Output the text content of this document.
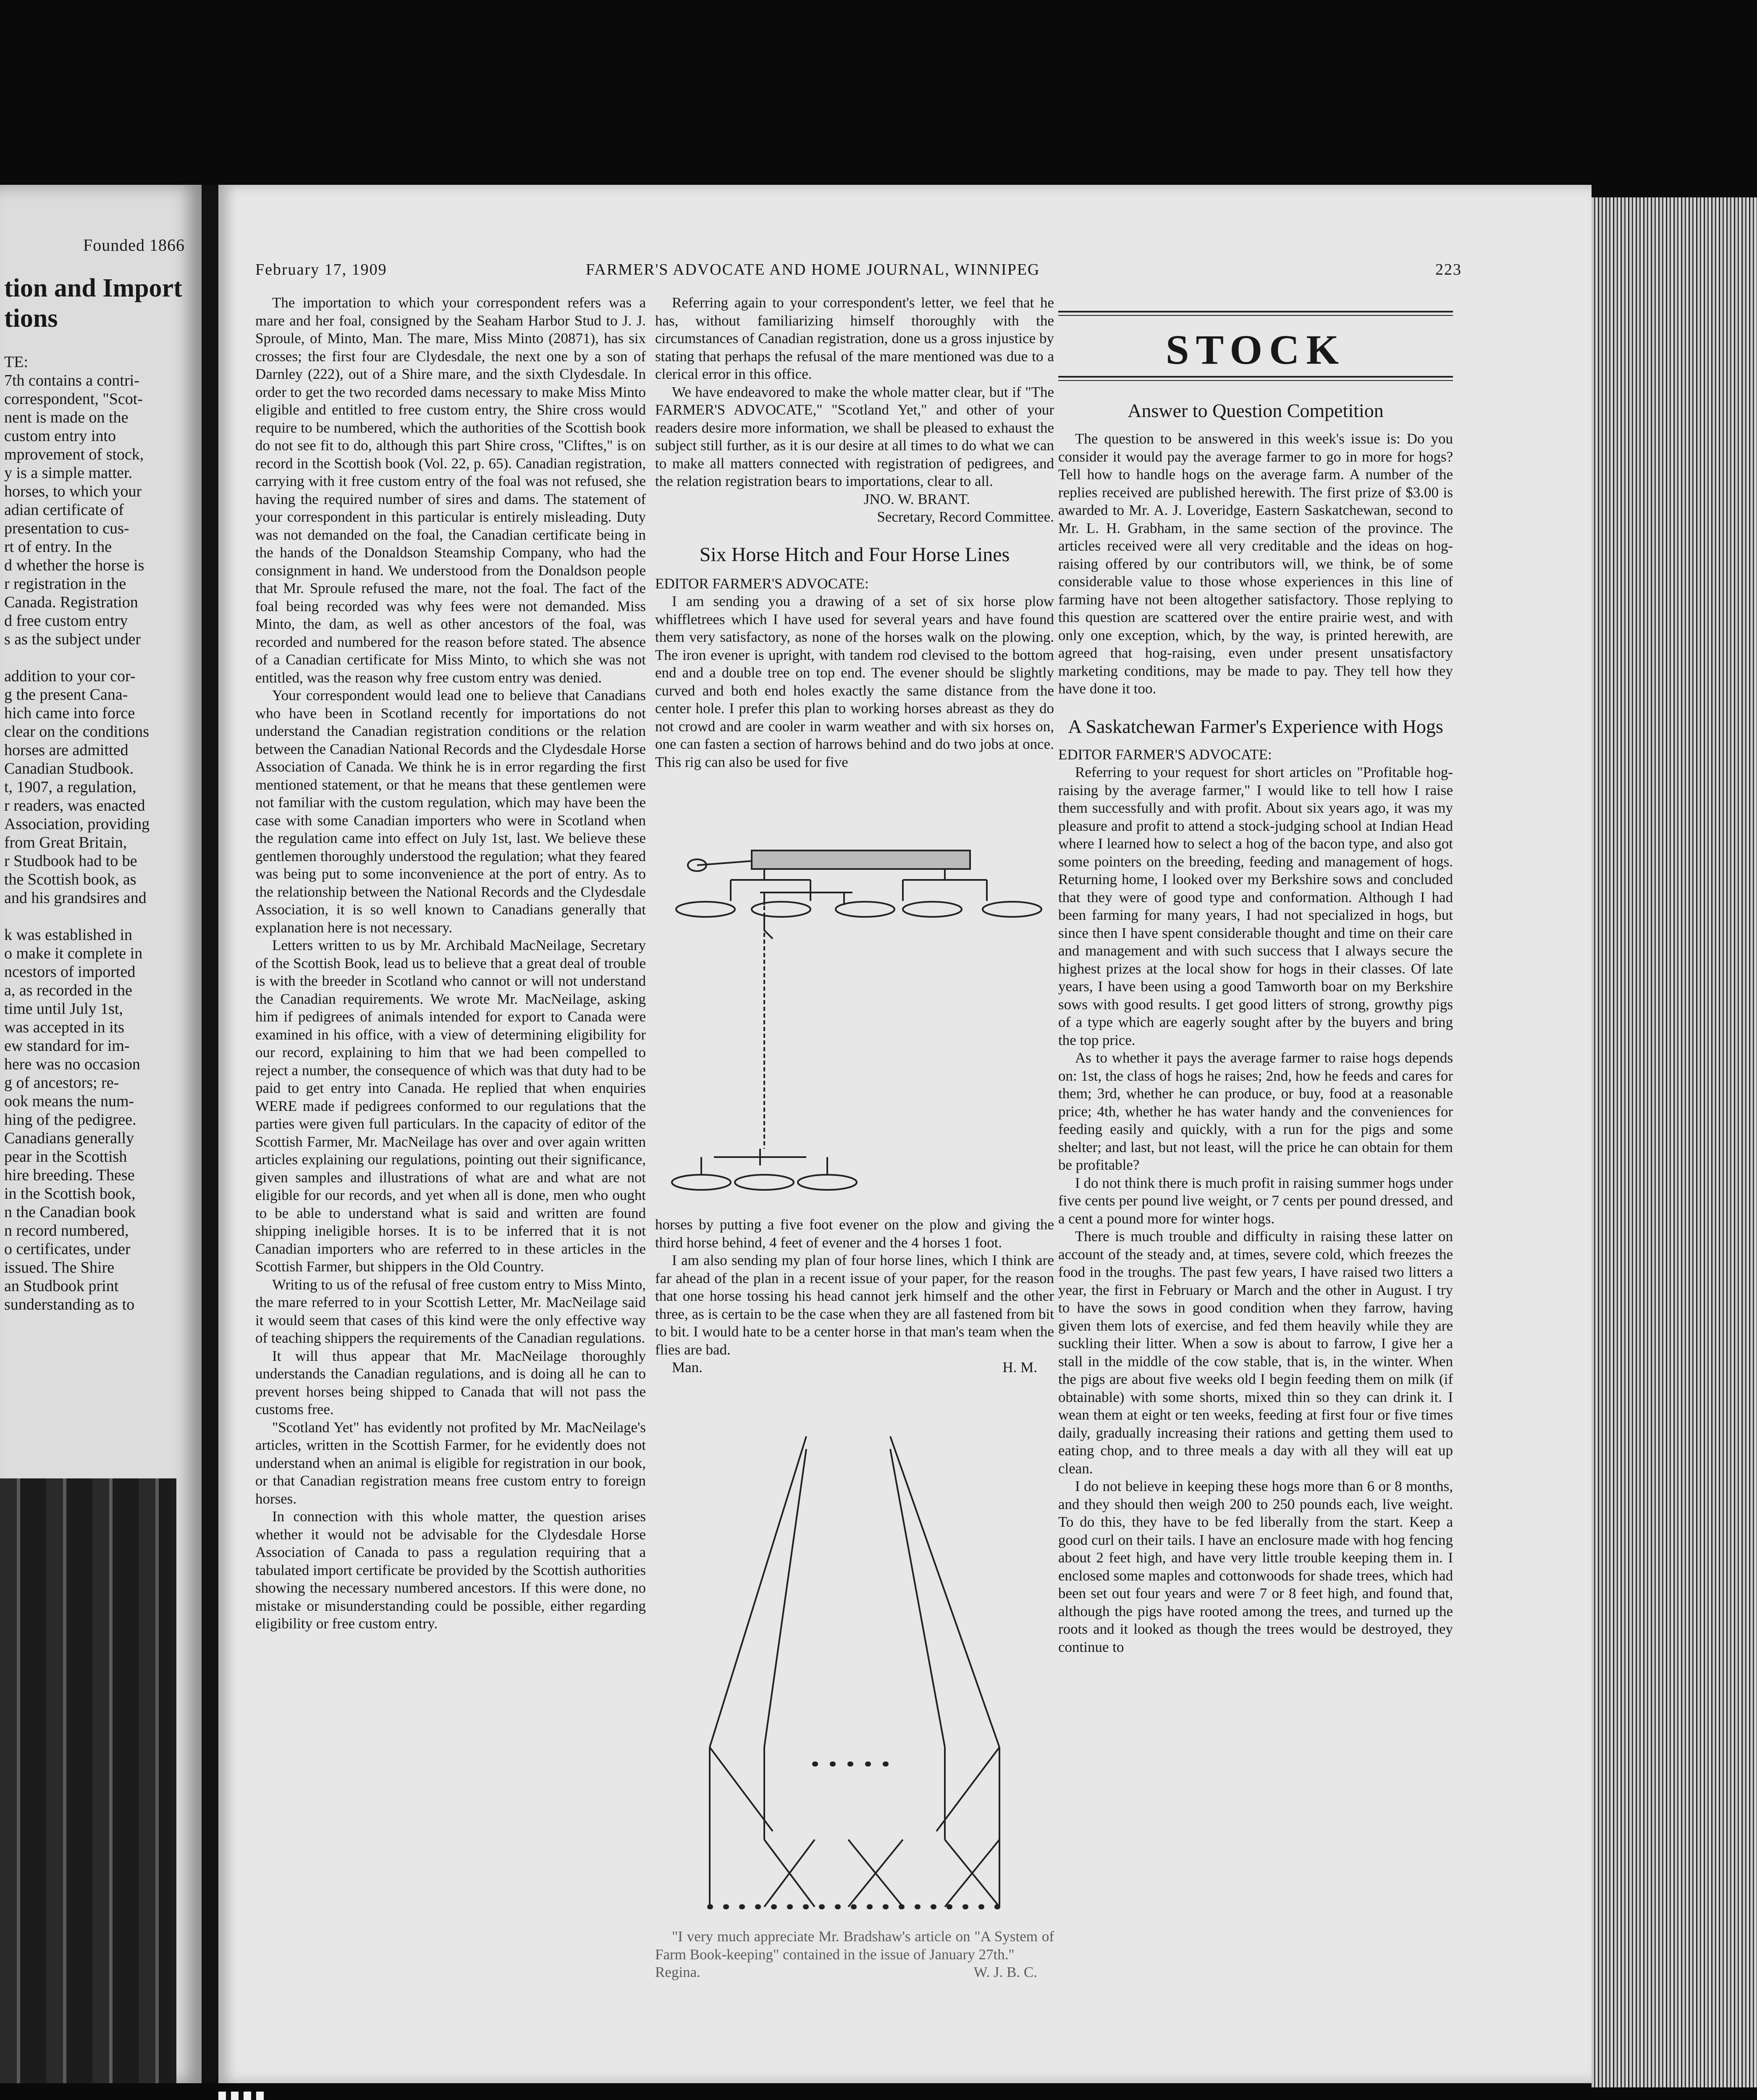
Founded 1866
tion and Import
tions
TE:
7th contains a contri-
correspondent, "Scot-
nent is made on the
custom entry into
mprovement of stock,
y is a simple matter.
horses, to which your
adian certificate of
presentation to cus-
rt of entry. In the
d whether the horse is
r registration in the
Canada. Registration
d free custom entry
s as the subject under

addition to your cor-
g the present Cana-
hich came into force
clear on the conditions
horses are admitted
Canadian Studbook.
t, 1907, a regulation,
r readers, was enacted
Association, providing
from Great Britain,
r Studbook had to be
the Scottish book, as
and his grandsires and

k was established in
o make it complete in
ncestors of imported
a, as recorded in the
time until July 1st,
was accepted in its
ew standard for im-
here was no occasion
g of ancestors; re-
ook means the num-
hing of the pedigree.
Canadians generally
pear in the Scottish
hire breeding. These
in the Scottish book,
n the Canadian book
n record numbered,
o certificates, under
issued. The Shire
an Studbook print
sunderstanding as to
February 17, 1909	FARMER'S ADVOCATE AND HOME JOURNAL, WINNIPEG	223

The importation to which your correspondent refers was a mare and her foal, consigned by the Seaham Harbor Stud to J. J. Sproule, of Minto, Man. The mare, Miss Minto (20871), has six crosses; the first four are Clydesdale, the next one by a son of Darnley (222), out of a Shire mare, and the sixth Clydesdale. In order to get the two recorded dams necessary to make Miss Minto eligible and entitled to free custom entry, the Shire cross would require to be numbered, which the authorities of the Scottish book do not see fit to do, although this part Shire cross, "Cliftes," is on record in the Scottish book (Vol. 22, p. 65). Canadian registration, carrying with it free custom entry of the foal was not refused, she having the required number of sires and dams. The statement of your correspondent in this particular is entirely misleading. Duty was not demanded on the foal, the Canadian certificate being in the hands of the Donaldson Steamship Company, who had the consignment in hand. We understood from the Donaldson people that Mr. Sproule refused the mare, not the foal. The fact of the foal being recorded was why fees were not demanded. Miss Minto, the dam, as well as other ancestors of the foal, was recorded and numbered for the reason before stated. The absence of a Canadian certificate for Miss Minto, to which she was not entitled, was the reason why free custom entry was denied.

Your correspondent would lead one to believe that Canadians who have been in Scotland recently for importations do not understand the Canadian registration conditions or the relation between the Canadian National Records and the Clydesdale Horse Association of Canada. We think he is in error regarding the first mentioned statement, or that he means that these gentlemen were not familiar with the custom regulation, which may have been the case with some Canadian importers who were in Scotland when the regulation came into effect on July 1st, last. We believe these gentlemen thoroughly understood the regulation; what they feared was being put to some inconvenience at the port of entry. As to the relationship between the National Records and the Clydesdale Association, it is so well known to Canadians generally that explanation here is not necessary.

Letters written to us by Mr. Archibald MacNeilage, Secretary of the Scottish Book, lead us to believe that a great deal of trouble is with the breeder in Scotland who cannot or will not understand the Canadian requirements. We wrote Mr. MacNeilage, asking him if pedigrees of animals intended for export to Canada were examined in his office, with a view of determining eligibility for our record, explaining to him that we had been compelled to reject a number, the consequence of which was that duty had to be paid to get entry into Canada. He replied that when enquiries WERE made if pedigrees conformed to our regulations that the parties were given full particulars. In the capacity of editor of the Scottish Farmer, Mr. MacNeilage has over and over again written articles explaining our regulations, pointing out their significance, given samples and illustrations of what are and what are not eligible for our records, and yet when all is done, men who ought to be able to understand what is said and written are found shipping ineligible horses. It is to be inferred that it is not Canadian importers who are referred to in these articles in the Scottish Farmer, but shippers in the Old Country.

Writing to us of the refusal of free custom entry to Miss Minto, the mare referred to in your Scottish Letter, Mr. MacNeilage said it would seem that cases of this kind were the only effective way of teaching shippers the requirements of the Canadian regulations.

It will thus appear that Mr. MacNeilage thoroughly understands the Canadian regulations, and is doing all he can to prevent horses being shipped to Canada that will not pass the customs free.

"Scotland Yet" has evidently not profited by Mr. MacNeilage's articles, written in the Scottish Farmer, for he evidently does not understand when an animal is eligible for registration in our book, or that Canadian registration means free custom entry to foreign horses.

In connection with this whole matter, the question arises whether it would not be advisable for the Clydesdale Horse Association of Canada to pass a regulation requiring that a tabulated import certificate be provided by the Scottish authorities showing the necessary numbered ancestors. If this were done, no mistake or misunderstanding could be possible, either regarding eligibility or free custom entry.

Referring again to your correspondent's letter, we feel that he has, without familiarizing himself thoroughly with the circumstances of Canadian registration, done us a gross injustice by stating that perhaps the refusal of the mare mentioned was due to a clerical error in this office.

We have endeavored to make the whole matter clear, but if "The FARMER'S ADVOCATE," "Scotland Yet," and other of your readers desire more information, we shall be pleased to exhaust the subject still further, as it is our desire at all times to do what we can to make all matters connected with registration of pedigrees, and the relation registration bears to importations, clear to all.

JNO. W. BRANT.

Secretary, Record Committee.

Six Horse Hitch and Four Horse Lines

EDITOR FARMER'S ADVOCATE:

I am sending you a drawing of a set of six horse plow whiffletrees which I have used for several years and have found them very satisfactory, as none of the horses walk on the plowing. The iron evener is upright, with tandem rod clevised to the bottom end and a double tree on top end. The evener should be slightly curved and both end holes exactly the same distance from the center hole. I prefer this plan to working horses abreast as they do not crowd and are cooler in warm weather and with six horses on, one can fasten a section of harrows behind and do two jobs at once. This rig can also be used for five

horses by putting a five foot evener on the plow and giving the third horse behind, 4 feet of evener and the 4 horses 1 foot.

I am also sending my plan of four horse lines, which I think are far ahead of the plan in a recent issue of your paper, for the reason that one horse tossing his head cannot jerk himself and the other three, as is certain to be the case when they are all fastened from bit to bit. I would hate to be a center horse in that man's team when the flies are bad.

Man.	H. M.

"I very much appreciate Mr. Bradshaw's article on "A System of Farm Book-keeping" contained in the issue of January 27th."

Regina.	W. J. B. C.
STOCK
Answer to Question Competition

The question to be answered in this week's issue is: Do you consider it would pay the average farmer to go in more for hogs? Tell how to handle hogs on the average farm. A number of the replies received are published herewith. The first prize of $3.00 is awarded to Mr. A. J. Loveridge, Eastern Saskatchewan, second to Mr. L. H. Grabham, in the same section of the province. The articles received were all very creditable and the ideas on hog-raising offered by our contributors will, we think, be of some considerable value to those whose experiences in this line of farming have not been altogether satisfactory. Those replying to this question are scattered over the entire prairie west, and with only one exception, which, by the way, is printed herewith, are agreed that hog-raising, even under present unsatisfactory marketing conditions, may be made to pay. They tell how they have done it too.

A Saskatchewan Farmer's Experience with Hogs

EDITOR FARMER'S ADVOCATE:

Referring to your request for short articles on "Profitable hog-raising by the average farmer," I would like to tell how I raise them successfully and with profit. About six years ago, it was my pleasure and profit to attend a stock-judging school at Indian Head where I learned how to select a hog of the bacon type, and also got some pointers on the breeding, feeding and management of hogs. Returning home, I looked over my Berkshire sows and concluded that they were of good type and conformation. Although I had been farming for many years, I had not specialized in hogs, but since then I have spent considerable thought and time on their care and management and with such success that I always secure the highest prizes at the local show for hogs in their classes. Of late years, I have been using a good Tamworth boar on my Berkshire sows with good results. I get good litters of strong, growthy pigs of a type which are eagerly sought after by the buyers and bring the top price.

As to whether it pays the average farmer to raise hogs depends on: 1st, the class of hogs he raises; 2nd, how he feeds and cares for them; 3rd, whether he can produce, or buy, food at a reasonable price; 4th, whether he has water handy and the conveniences for feeding easily and quickly, with a run for the pigs and some shelter; and last, but not least, will the price he can obtain for them be profitable?

I do not think there is much profit in raising summer hogs under five cents per pound live weight, or 7 cents per pound dressed, and a cent a pound more for winter hogs.

There is much trouble and difficulty in raising these latter on account of the steady and, at times, severe cold, which freezes the food in the troughs. The past few years, I have raised two litters a year, the first in February or March and the other in August. I try to have the sows in good condition when they farrow, having given them lots of exercise, and fed them heavily while they are suckling their litter. When a sow is about to farrow, I give her a stall in the middle of the cow stable, that is, in the winter. When the pigs are about five weeks old I begin feeding them on milk (if obtainable) with some shorts, mixed thin so they can drink it. I wean them at eight or ten weeks, feeding at first four or five times daily, gradually increasing their rations and getting them used to eating chop, and to three meals a day with all they will eat up clean.

I do not believe in keeping these hogs more than 6 or 8 months, and they should then weigh 200 to 250 pounds each, live weight. To do this, they have to be fed liberally from the start. Keep a good curl on their tails. I have an enclosure made with hog fencing about 2 feet high, and have very little trouble keeping them in. I enclosed some maples and cottonwoods for shade trees, which had been set out four years and were 7 or 8 feet high, and found that, although the pigs have rooted among the trees, and turned up the roots and it looked as though the trees would be destroyed, they continue to
